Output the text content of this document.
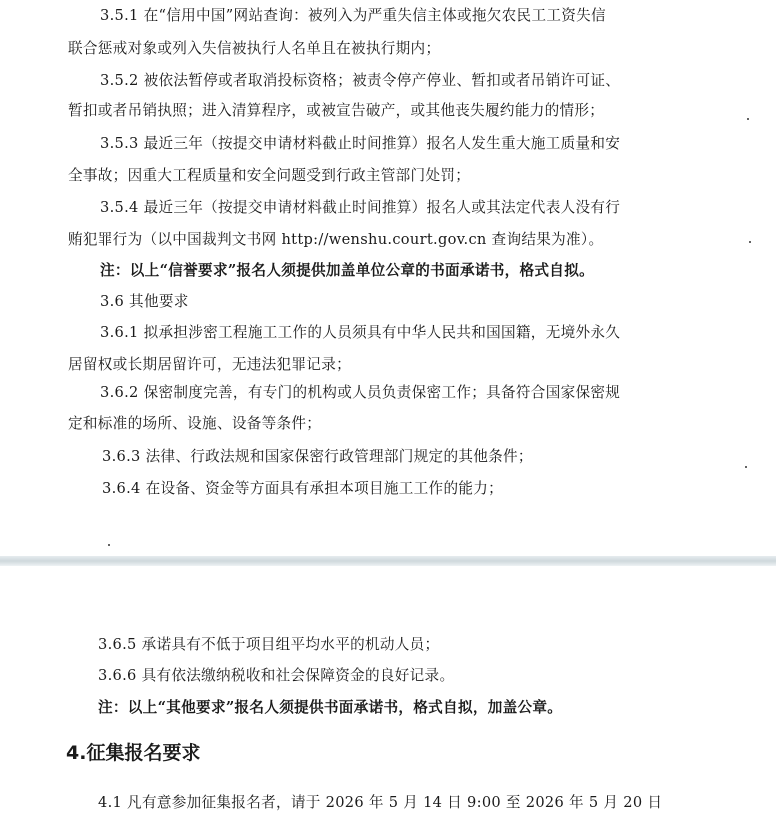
3.5.1 在“信用中国”网站查询：被列入为严重失信主体或拖欠农民工工资失信
联合惩戒对象或列入失信被执行人名单且在被执行期内；
3.5.2 被依法暂停或者取消投标资格；被责令停产停业、暂扣或者吊销许可证、
暂扣或者吊销执照；进入清算程序，或被宣告破产，或其他丧失履约能力的情形；
3.5.3 最近三年（按提交申请材料截止时间推算）报名人发生重大施工质量和安
全事故；因重大工程质量和安全问题受到行政主管部门处罚；
3.5.4 最近三年（按提交申请材料截止时间推算）报名人或其法定代表人没有行
贿犯罪行为（以中国裁判文书网 http://wenshu.court.gov.cn 查询结果为准）。
注：以上“信誉要求”报名人须提供加盖单位公章的书面承诺书，格式自拟。
3.6 其他要求
3.6.1 拟承担涉密工程施工工作的人员须具有中华人民共和国国籍，无境外永久
居留权或长期居留许可，无违法犯罪记录；
3.6.2 保密制度完善，有专门的机构或人员负责保密工作；具备符合国家保密规
定和标准的场所、设施、设备等条件；
3.6.3 法律、行政法规和国家保密行政管理部门规定的其他条件；
3.6.4 在设备、资金等方面具有承担本项目施工工作的能力；
3.6.5 承诺具有不低于项目组平均水平的机动人员；
3.6.6 具有依法缴纳税收和社会保障资金的良好记录。
注：以上“其他要求”报名人须提供书面承诺书，格式自拟，加盖公章。
4.征集报名要求
4.1 凡有意参加征集报名者，请于 2026 年 5 月 14 日 9:00 至 2026 年 5 月 20 日
